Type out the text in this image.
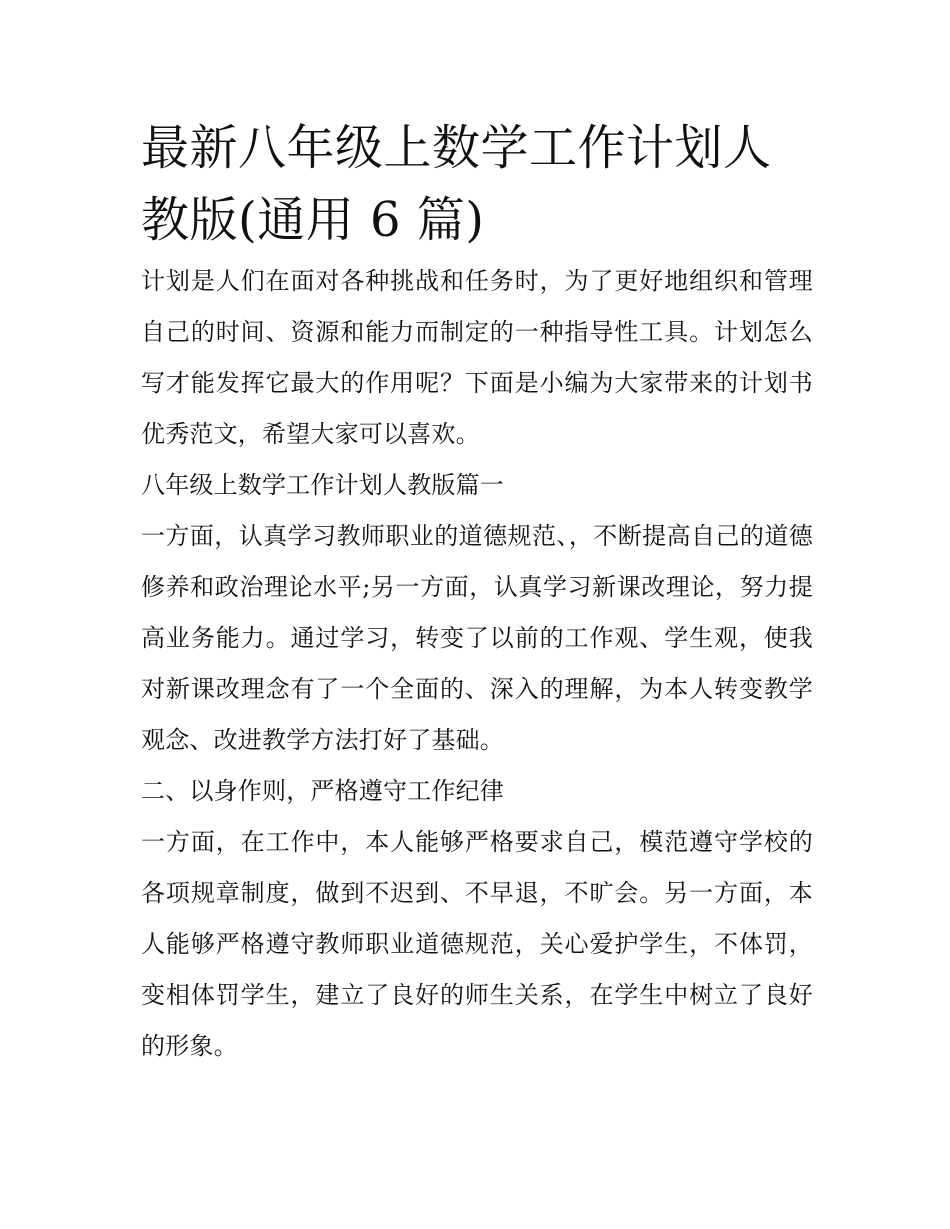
最新八年级上数学工作计划人
教版(通用 6 篇)

计划是人们在面对各种挑战和任务时，为了更好地组织和管理自己的时间、资源和能力而制定的一种指导性工具。计划怎么写才能发挥它最大的作用呢？下面是小编为大家带来的计划书优秀范文，希望大家可以喜欢。

八年级上数学工作计划人教版篇一

一方面，认真学习教师职业的道德规范、，不断提高自己的道德修养和政治理论水平;另一方面，认真学习新课改理论，努力提高业务能力。通过学习，转变了以前的工作观、学生观，使我对新课改理念有了一个全面的、深入的理解，为本人转变教学观念、改进教学方法打好了基础。

二、以身作则，严格遵守工作纪律

一方面，在工作中，本人能够严格要求自己，模范遵守学校的各项规章制度，做到不迟到、不早退，不旷会。另一方面，本人能够严格遵守教师职业道德规范，关心爱护学生，不体罚，变相体罚学生，建立了良好的师生关系，在学生中树立了良好的形象。
